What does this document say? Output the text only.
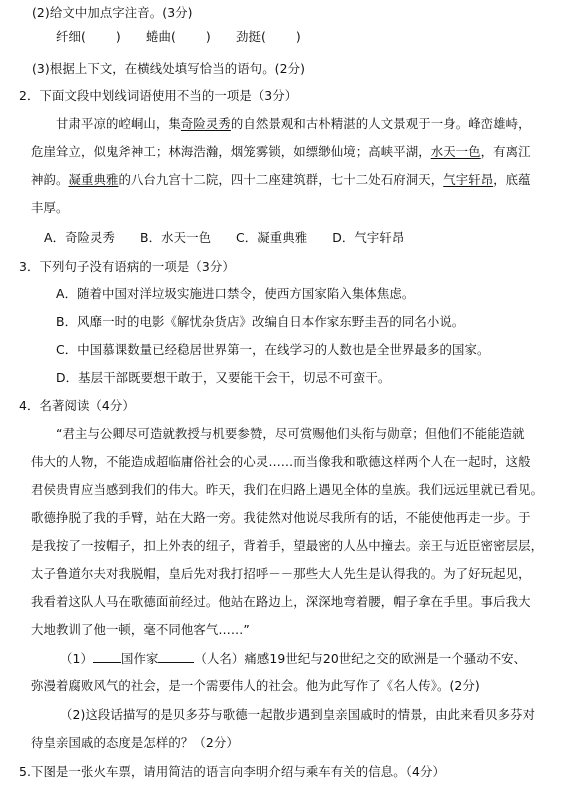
(2)给文中加点字注音。(3分)
纤细( ) 蜷曲( ) 劲挺( )
(3)根据上下文，在横线处填写恰当的语句。(2分)
2．下面文段中划线词语使用不当的一项是（3分）
甘肃平凉的崆峒山，集奇险灵秀的自然景观和古朴精湛的人文景观于一身。峰峦雄峙，
危崖耸立，似鬼斧神工；林海浩瀚，烟笼雾锁，如缥缈仙境；高峡平湖，水天一色，有离江
神韵。凝重典雅的八台九宫十二院，四十二座建筑群，七十二处石府洞天，气宇轩昂，底蕴
丰厚。
A．奇险灵秀　　B．水天一色　　C．凝重典雅　　D．气宇轩昂
3．下列句子没有语病的一项是（3分）
A．随着中国对洋垃圾实施进口禁令，使西方国家陷入集体焦虑。
B．风靡一时的电影《解忧杂货店》改编自日本作家东野圭吾的同名小说。
C．中国慕课数量已经稳居世界第一，在线学习的人数也是全世界最多的国家。
D．基层干部既要想干敢于，又要能干会干，切忌不可蛮干。
4．名著阅读（4分）
“君主与公卿尽可造就教授与机要参赞，尽可赏赐他们头衔与勋章；但他们不能能造就
伟大的人物，不能造成超临庸俗社会的心灵……而当像我和歌德这样两个人在一起时，这般
君侯贵胄应当感到我们的伟大。昨天，我们在归路上遇见全体的皇族。我们远远里就已看见。
歌德挣脱了我的手臂，站在大路一旁。我徒然对他说尽我所有的话，不能使他再走一步。于
是我按了一按帽子，扣上外表的纽子，背着手，望最密的人丛中撞去。亲王与近臣密密层层，
太子鲁道尔夫对我脱帽，皇后先对我打招呼－－那些大人先生是认得我的。为了好玩起见，
我看着这队人马在歌德面前经过。他站在路边上，深深地弯着腰，帽子拿在手里。事后我大
大地教训了他一顿，毫不同他客气……”
（1） 国作家	（人名）痛感19世纪与20世纪之交的欧洲是一个骚动不安、
弥漫着腐败风气的社会，是一个需要伟人的社会。他为此写作了《名人传》。(2分)
（2)这段话描写的是贝多芬与歌德一起散步遇到皇亲国戚时的情景，由此来看贝多芬对
待皇亲国戚的态度是怎样的？（2分）
5.下图是一张火车票，请用简洁的语言向李明介绍与乘车有关的信息。（4分）
